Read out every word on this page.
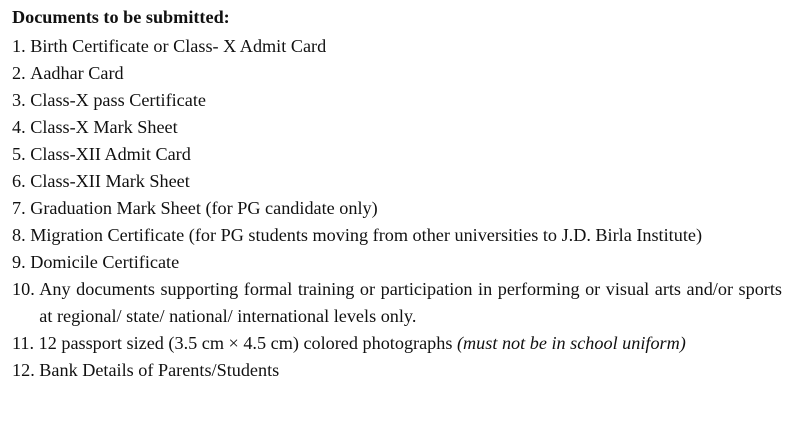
Documents to be submitted:

1.
Birth Certificate or Class- X Admit Card
2.
Aadhar Card
3.
Class-X pass Certificate
4.
Class-X Mark Sheet
5.
Class-XII Admit Card
6.
Class-XII Mark Sheet
7.
Graduation Mark Sheet (for PG candidate only)
8.
Migration Certificate (for PG students moving from other universities to J.D. Birla Institute)
9.
Domicile Certificate
10.
Any documents supporting formal training or participation in performing or visual arts and/or sports at regional/ state/ national/ international levels only.
11.
12 passport sized (3.5 cm × 4.5 cm) colored photographs (must not be in school uniform)
12.
Bank Details of Parents/Students
